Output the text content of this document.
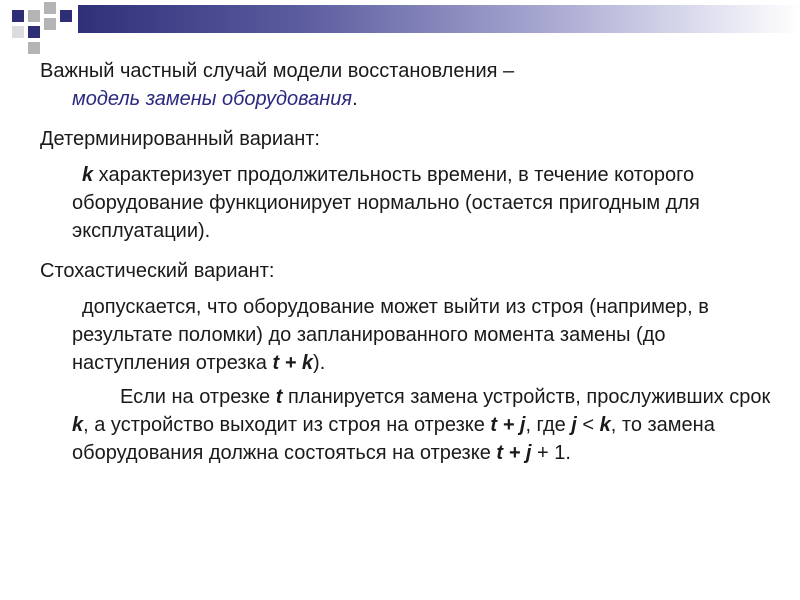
Важный частный случай модели восстановления –
модель замены оборудования.

Детерминированный вариант:

k характеризует продолжительность времени, в течение которого оборудование функционирует нормально (остается пригодным для эксплуатации).

Стохастический вариант:

допускается, что оборудование может выйти из строя (например, в результате поломки) до запланированного момента замены (до наступления отрезка t + k).

Если на отрезке t планируется замена устройств, прослуживших срок k, а устройство выходит из строя на отрезке t + j, где j < k, то замена    оборудования должна состояться на отрезке t + j + 1.
